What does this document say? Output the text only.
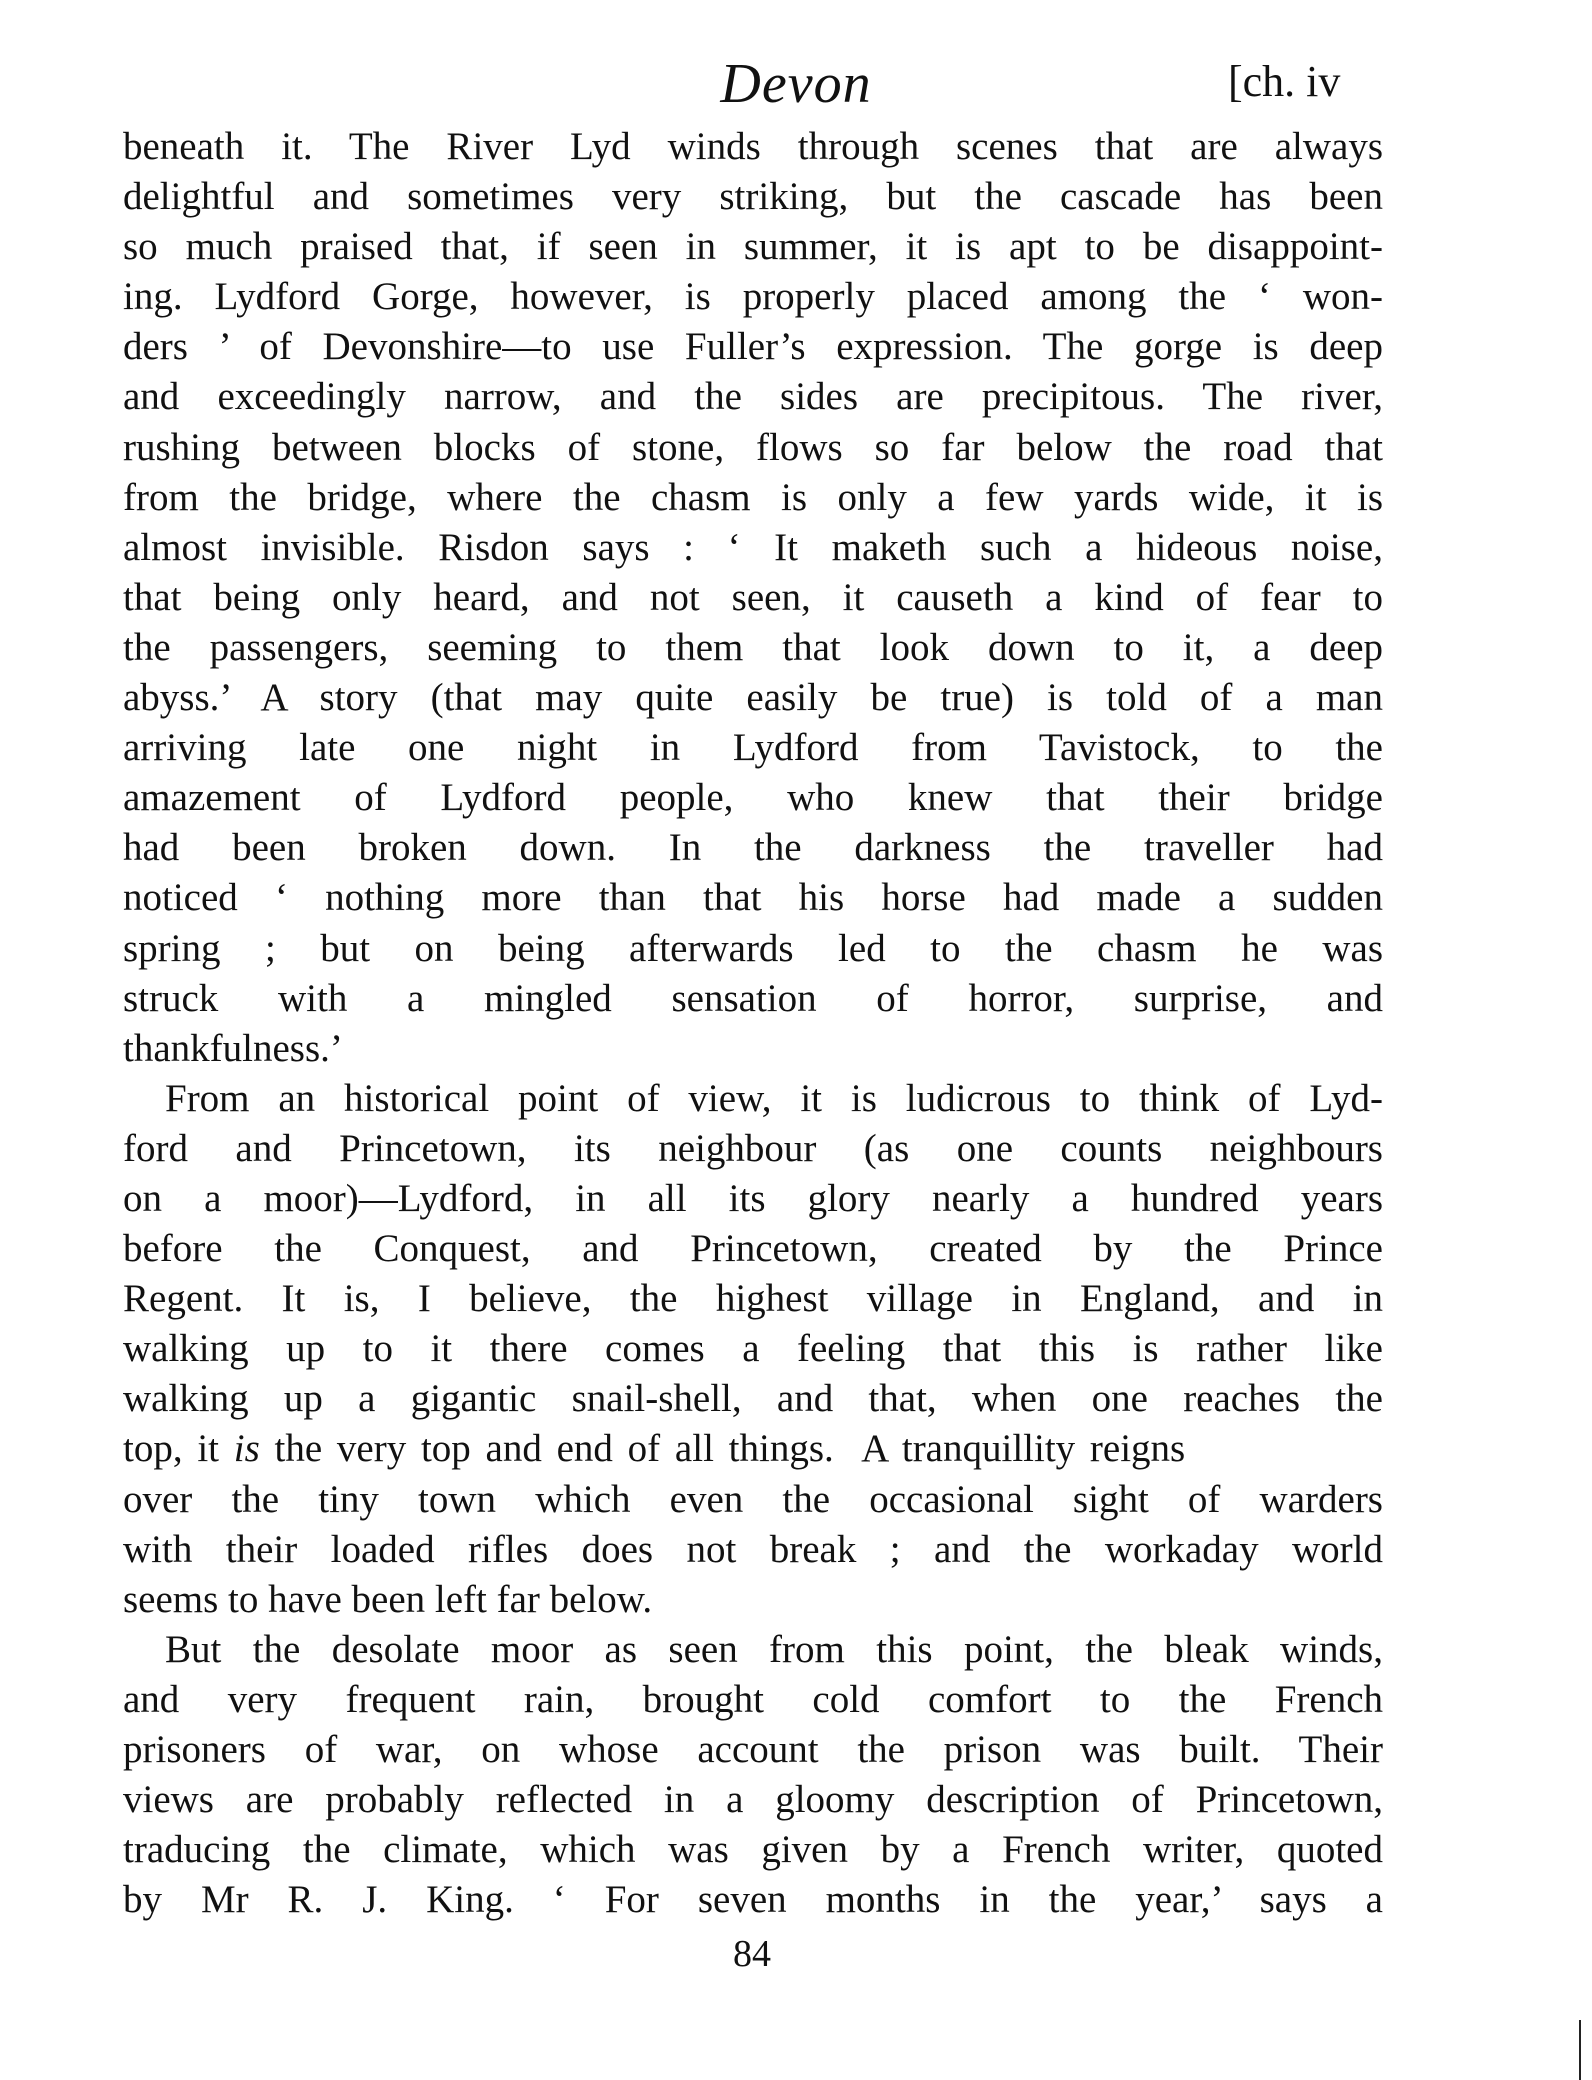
Devon	[ch. iv
beneath it. The River Lyd winds through scenes that are always
delightful and sometimes very striking, but the cascade has been
so much praised that, if seen in summer, it is apt to be disappoint-
ing. Lydford Gorge, however, is properly placed among the ‘ won-
ders ’ of Devonshire—to use Fuller’s expression. The gorge is deep
and exceedingly narrow, and the sides are precipitous. The river,
rushing between blocks of stone, flows so far below the road that
from the bridge, where the chasm is only a few yards wide, it is
almost invisible. Risdon says : ‘ It maketh such a hideous noise,
that being only heard, and not seen, it causeth a kind of fear to
the passengers, seeming to them that look down to it, a deep
abyss.’ A story (that may quite easily be true) is told of a man
arriving late one night in Lydford from Tavistock, to the
amazement of Lydford people, who knew that their bridge
had been broken down. In the darkness the traveller had
noticed ‘ nothing more than that his horse had made a sudden
spring ; but on being afterwards led to the chasm he was
struck with a mingled sensation of horror, surprise, and
thankfulness.’
From an historical point of view, it is ludicrous to think of Lyd-
ford and Princetown, its neighbour (as one counts neighbours
on a moor)—Lydford, in all its glory nearly a hundred years
before the Conquest, and Princetown, created by the Prince
Regent. It is, I believe, the highest village in England, and in
walking up to it there comes a feeling that this is rather like
walking up a gigantic snail-shell, and that, when one reaches the
top, it is the very top and end of all things.  A tranquillity reigns
over the tiny town which even the occasional sight of warders
with their loaded rifles does not break ; and the workaday world
seems to have been left far below.
But the desolate moor as seen from this point, the bleak winds,
and very frequent rain, brought cold comfort to the French
prisoners of war, on whose account the prison was built. Their
views are probably reflected in a gloomy description of Princetown,
traducing the climate, which was given by a French writer, quoted
by Mr R. J. King. ‘ For seven months in the year,’ says a
84
